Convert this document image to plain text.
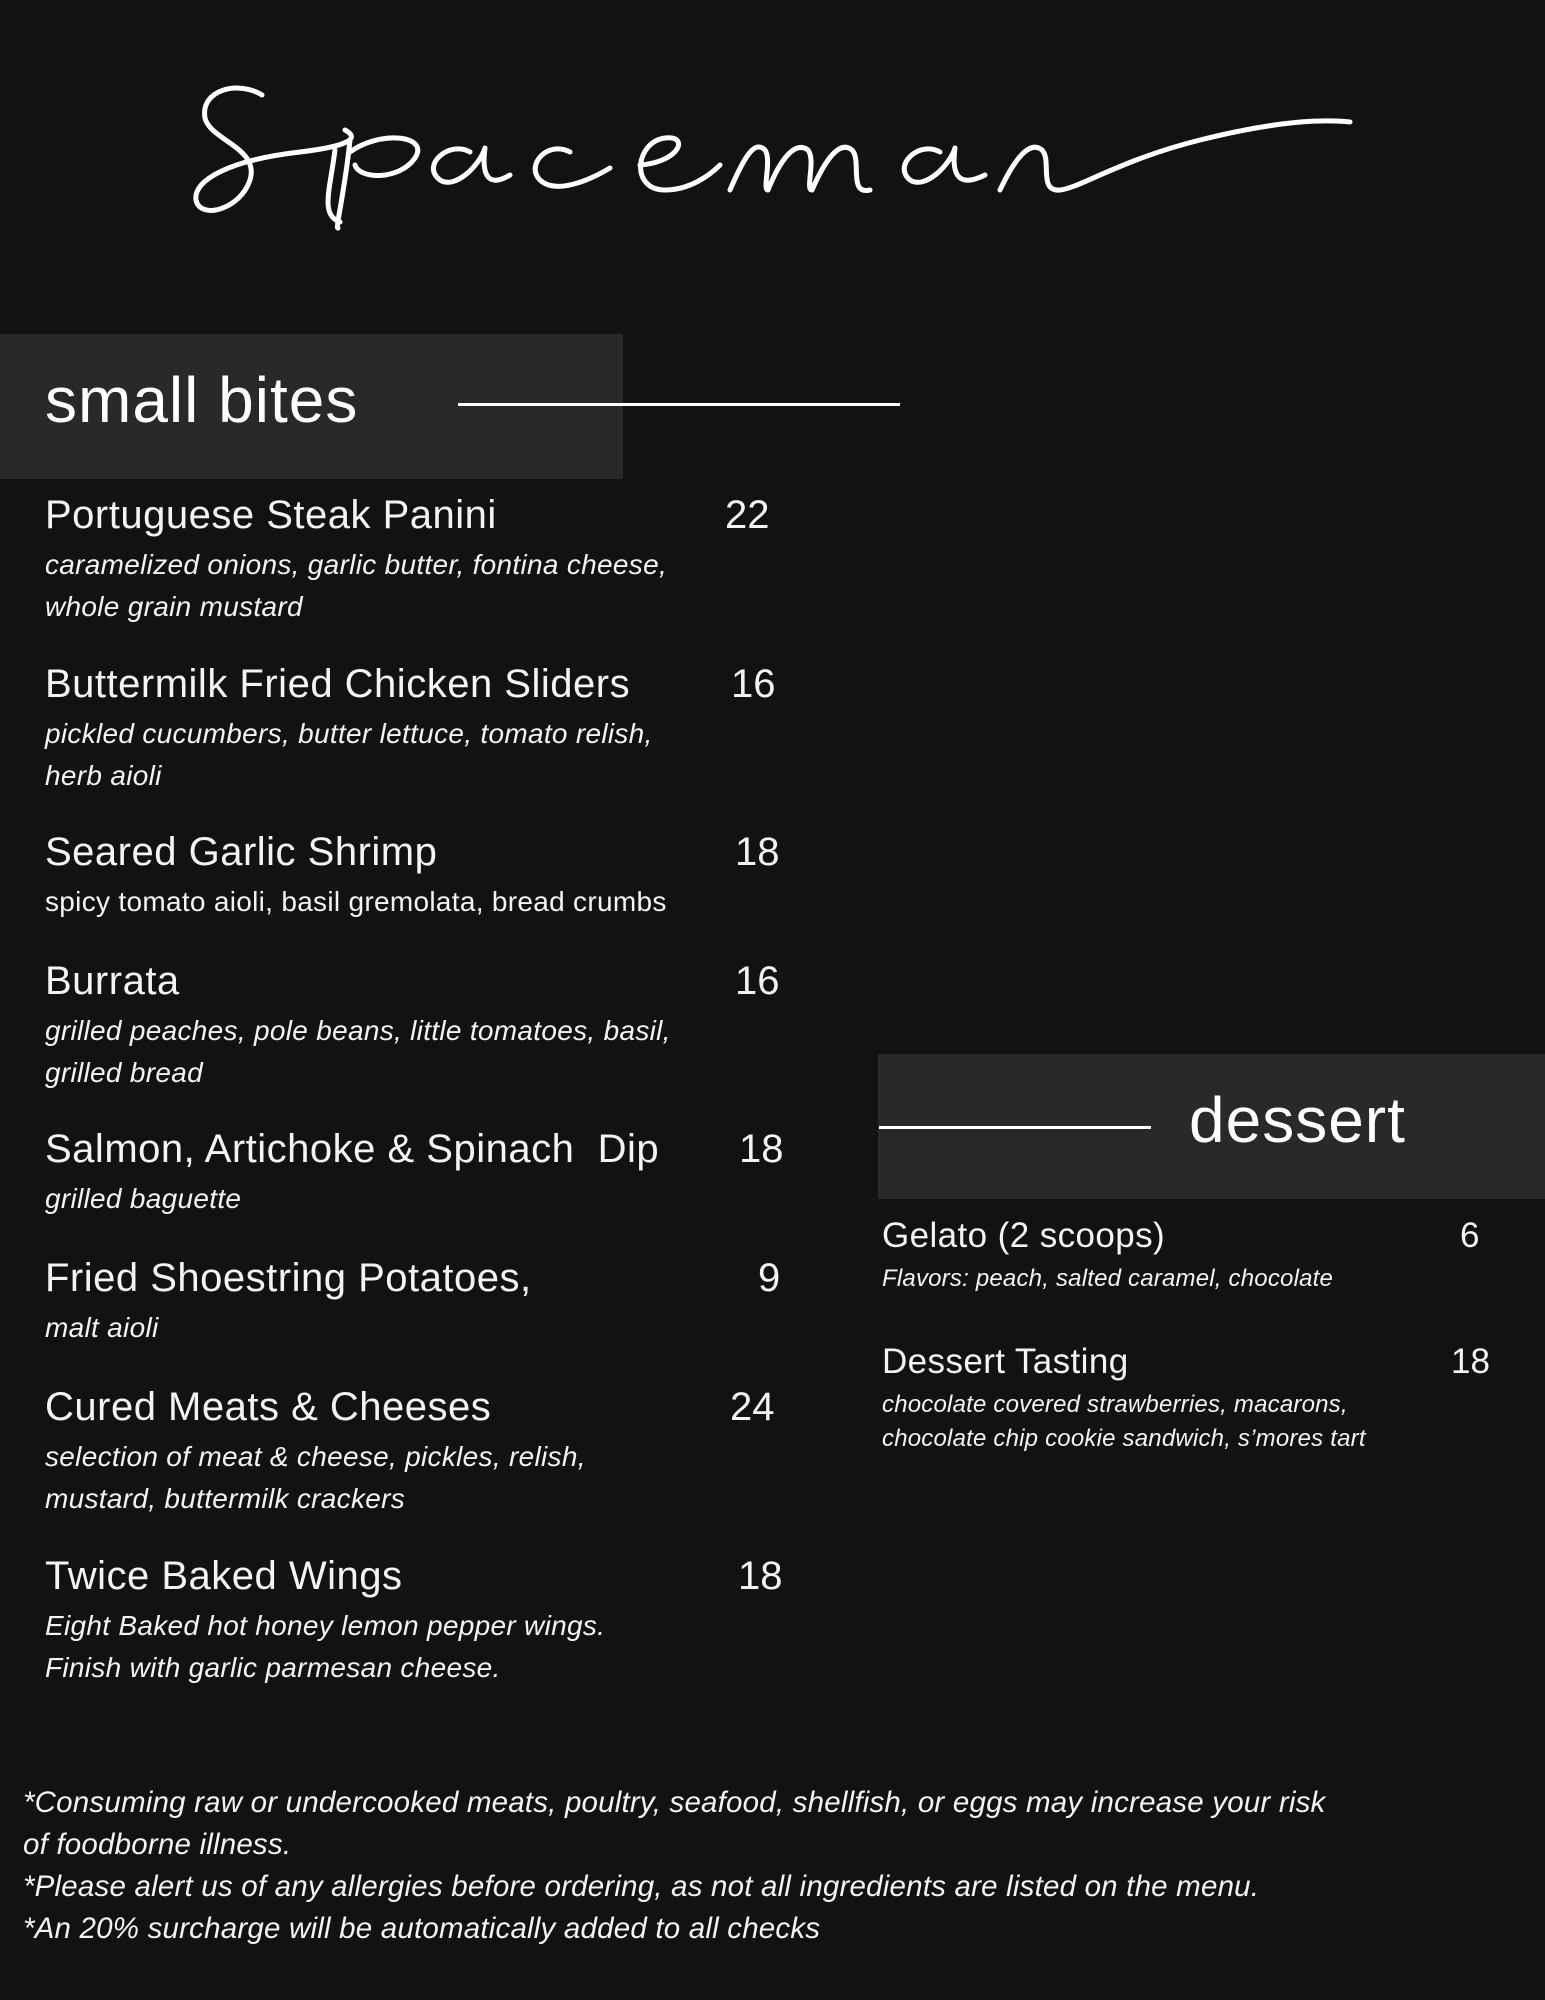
small bites
Portuguese Steak Panini	22
caramelized onions, garlic butter, fontina cheese,
whole grain mustard
Buttermilk Fried Chicken Sliders	16
pickled cucumbers, butter lettuce, tomato relish,
herb aioli
Seared Garlic Shrimp	18
spicy tomato aioli, basil gremolata, bread crumbs
Burrata	16
grilled peaches, pole beans, little tomatoes, basil,
grilled bread
Salmon, Artichoke & Spinach  Dip 18
grilled baguette
Fried Shoestring Potatoes,	9
malt aioli
Cured Meats & Cheeses	24
selection of meat & cheese, pickles, relish,
mustard, buttermilk crackers
Twice Baked Wings	18
Eight Baked hot honey lemon pepper wings.
Finish with garlic parmesan cheese.
dessert
Gelato (2 scoops)	6
Flavors: peach, salted caramel, chocolate
Dessert Tasting	18
chocolate covered strawberries, macarons,
chocolate chip cookie sandwich, s’mores tart
*Consuming raw or undercooked meats, poultry, seafood, shellfish, or eggs may increase your risk
of foodborne illness.
*Please alert us of any allergies before ordering, as not all ingredients are listed on the menu.
*An 20% surcharge will be automatically added to all checks
